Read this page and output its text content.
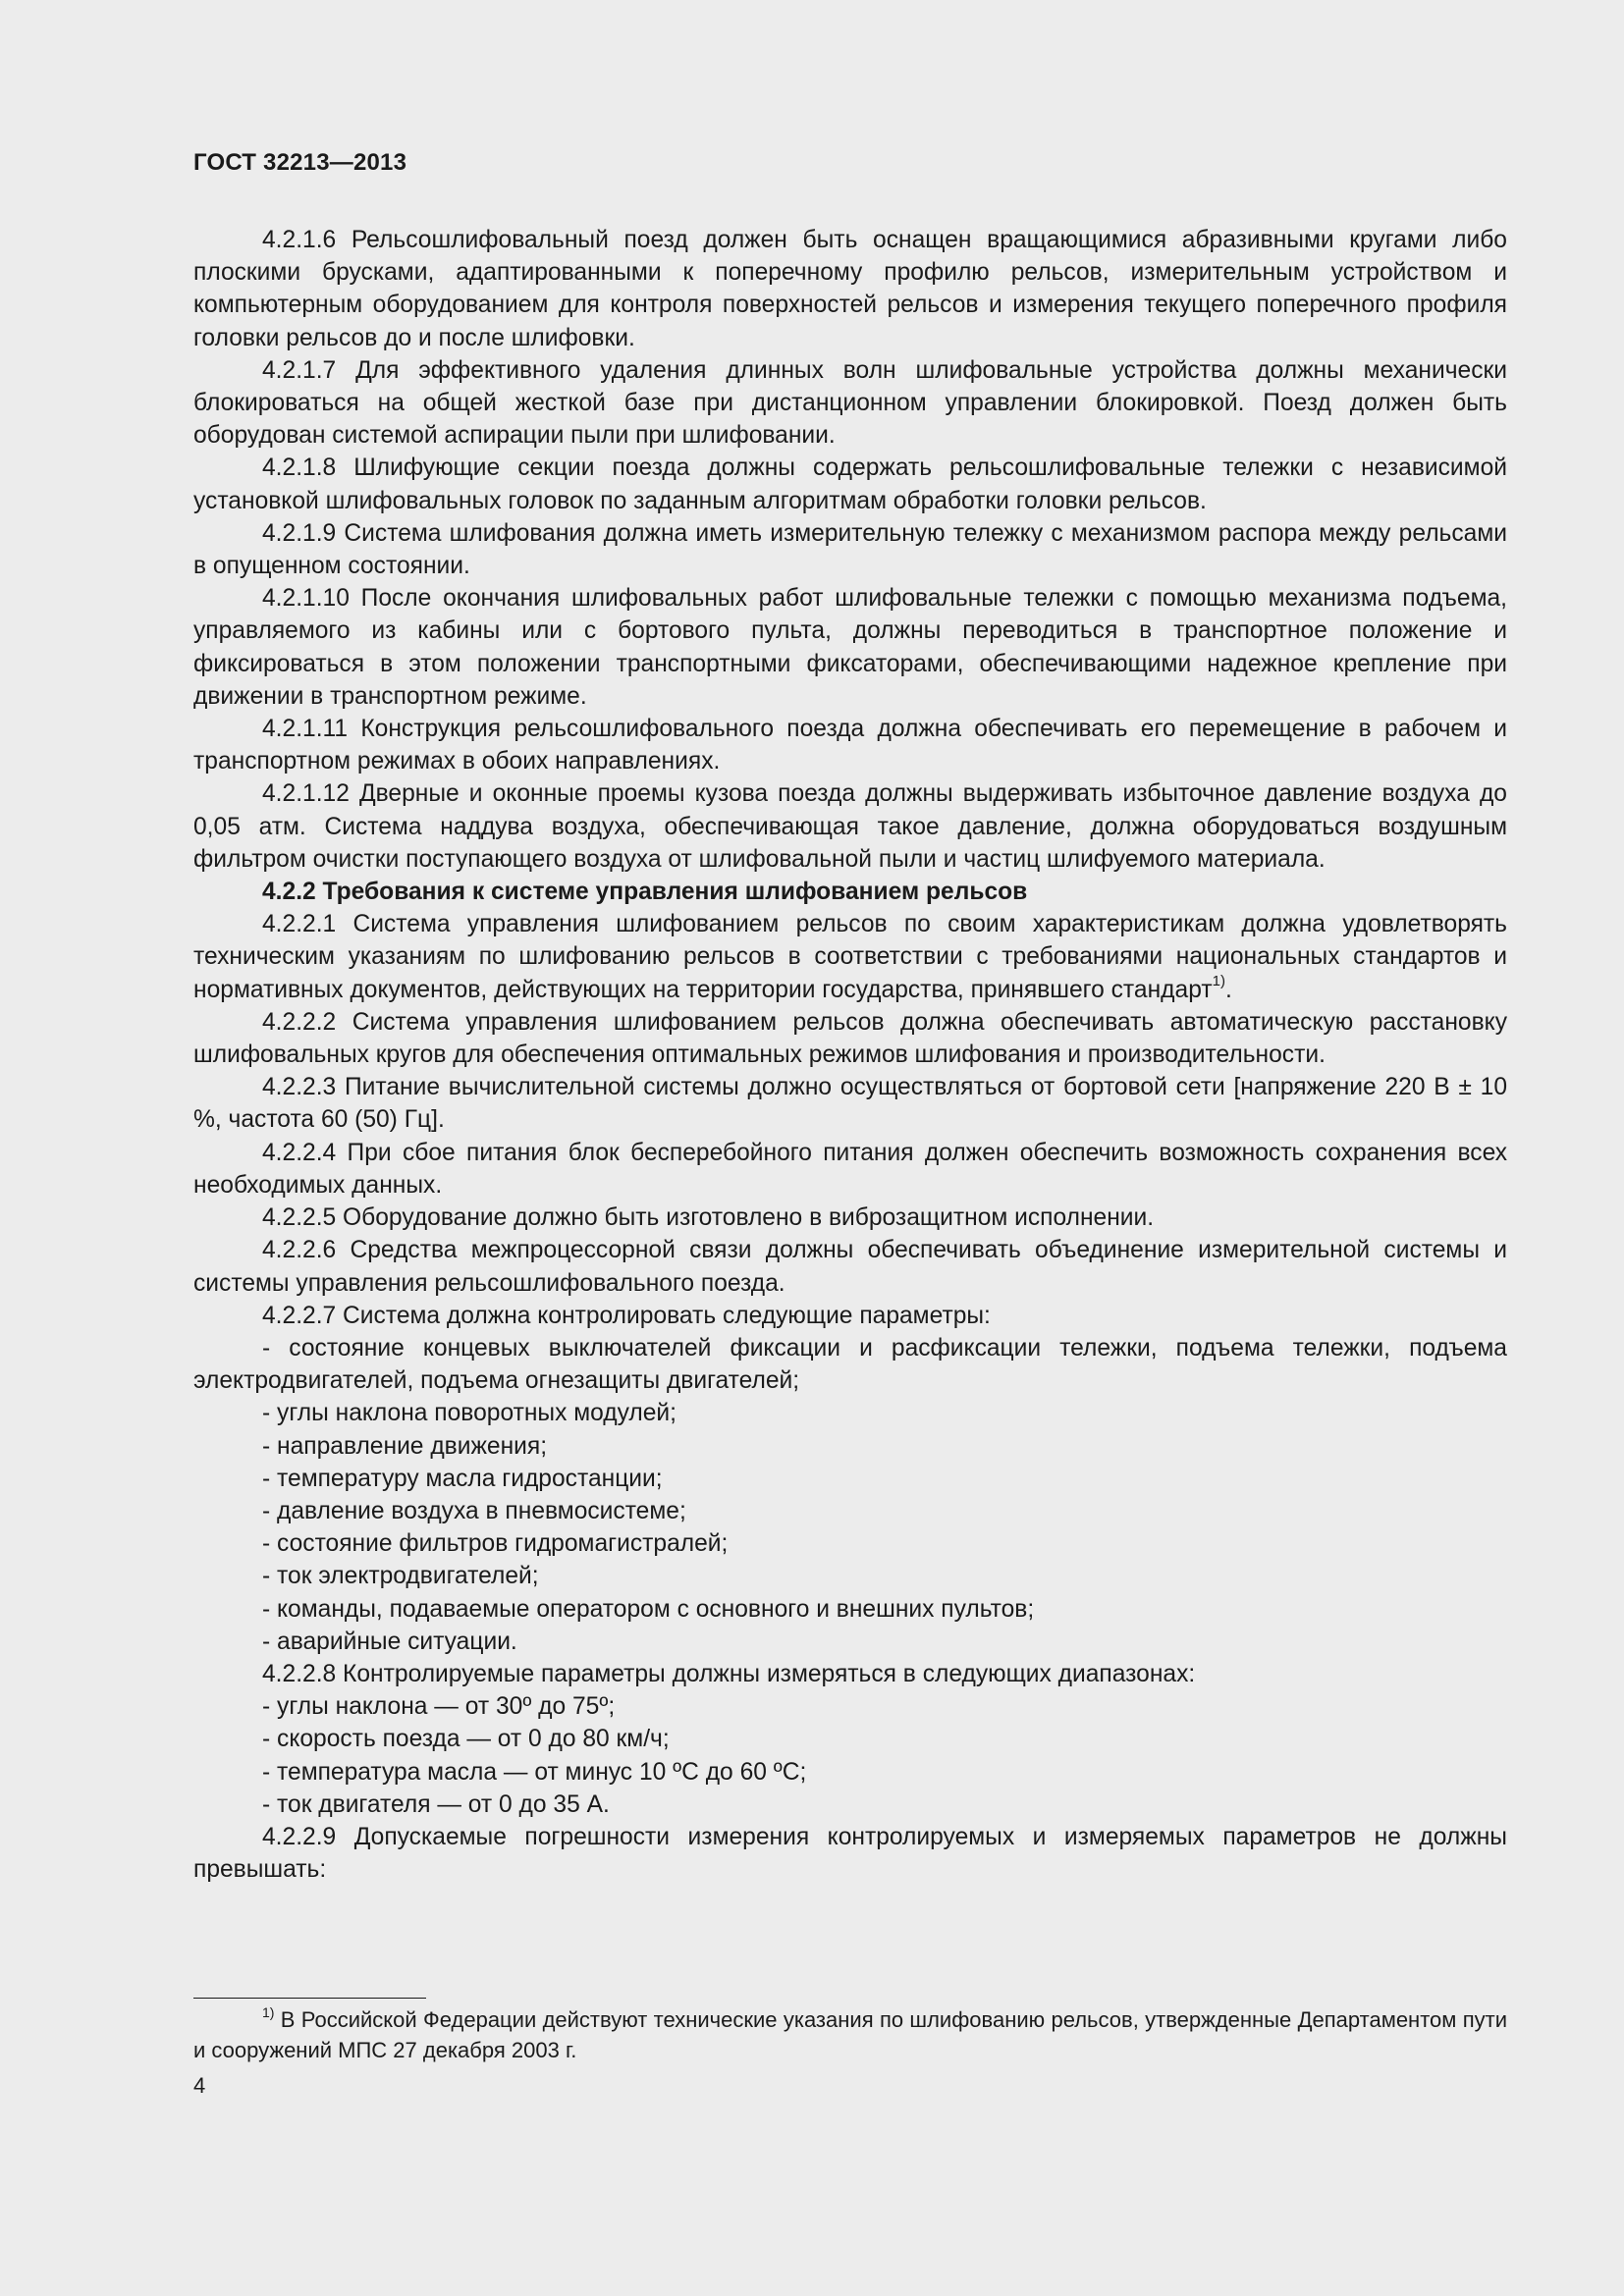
ГОСТ 32213—2013

4.2.1.6 Рельсошлифовальный поезд должен быть оснащен вращающимися абразивными кругами либо плоскими брусками, адаптированными к поперечному профилю рельсов, измерительным устройством и компьютерным оборудованием для контроля поверхностей рельсов и измерения текущего поперечного профиля головки рельсов до и после шлифовки.

4.2.1.7 Для эффективного удаления длинных волн шлифовальные устройства должны механически блокироваться на общей жесткой базе при дистанционном управлении блокировкой. Поезд должен быть оборудован системой аспирации пыли при шлифовании.

4.2.1.8 Шлифующие секции поезда должны содержать рельсошлифовальные тележки с независимой установкой шлифовальных головок по заданным алгоритмам обработки головки рельсов.

4.2.1.9 Система шлифования должна иметь измерительную тележку с механизмом распора между рельсами в опущенном состоянии.

4.2.1.10 После окончания шлифовальных работ шлифовальные тележки с помощью механизма подъема, управляемого из кабины или с бортового пульта, должны переводиться в транспортное положение и фиксироваться в этом положении транспортными фиксаторами, обеспечивающими надежное крепление при движении в транспортном режиме.

4.2.1.11 Конструкция рельсошлифовального поезда должна обеспечивать его перемещение в рабочем и транспортном режимах в обоих направлениях.

4.2.1.12 Дверные и оконные проемы кузова поезда должны выдерживать избыточное давление воздуха до 0,05 атм. Система наддува воздуха, обеспечивающая такое давление, должна оборудоваться воздушным фильтром очистки поступающего воздуха от шлифовальной пыли и частиц шлифуемого материала.

4.2.2 Требования к системе управления шлифованием рельсов

4.2.2.1 Система управления шлифованием рельсов по своим характеристикам должна удовлетворять техническим указаниям по шлифованию рельсов в соответствии с требованиями национальных стандартов и нормативных документов, действующих на территории государства, принявшего стандарт$^{1)}$.

4.2.2.2 Система управления шлифованием рельсов должна обеспечивать автоматическую расстановку шлифовальных кругов для обеспечения оптимальных режимов шлифования и производительности.

4.2.2.3 Питание вычислительной системы должно осуществляться от бортовой сети [напряжение 220 В ± 10 %, частота 60 (50) Гц].

4.2.2.4 При сбое питания блок бесперебойного питания должен обеспечить возможность сохранения всех необходимых данных.

4.2.2.5 Оборудование должно быть изготовлено в виброзащитном исполнении.

4.2.2.6 Средства межпроцессорной связи должны обеспечивать объединение измерительной системы и системы управления рельсошлифовального поезда.

4.2.2.7 Система должна контролировать следующие параметры:

- состояние концевых выключателей фиксации и расфиксации тележки, подъема тележки, подъема электродвигателей, подъема огнезащиты двигателей;

- углы наклона поворотных модулей;

- направление движения;

- температуру масла гидростанции;

- давление воздуха в пневмосистеме;

- состояние фильтров гидромагистралей;

- ток электродвигателей;

- команды, подаваемые оператором с основного и внешних пультов;

- аварийные ситуации.

4.2.2.8 Контролируемые параметры должны измеряться в следующих диапазонах:

- углы наклона — от 30º до 75º;

- скорость поезда — от 0 до 80 км/ч;

- температура масла — от минус 10 ºC до 60 ºC;

- ток двигателя — от 0 до 35 А.

4.2.2.9 Допускаемые погрешности измерения контролируемых и измеряемых параметров не должны превышать:

$^{1)}$ В Российской Федерации действуют технические указания по шлифованию рельсов, утвержденные Департаментом пути и сооружений МПС 27 декабря 2003 г.

4
